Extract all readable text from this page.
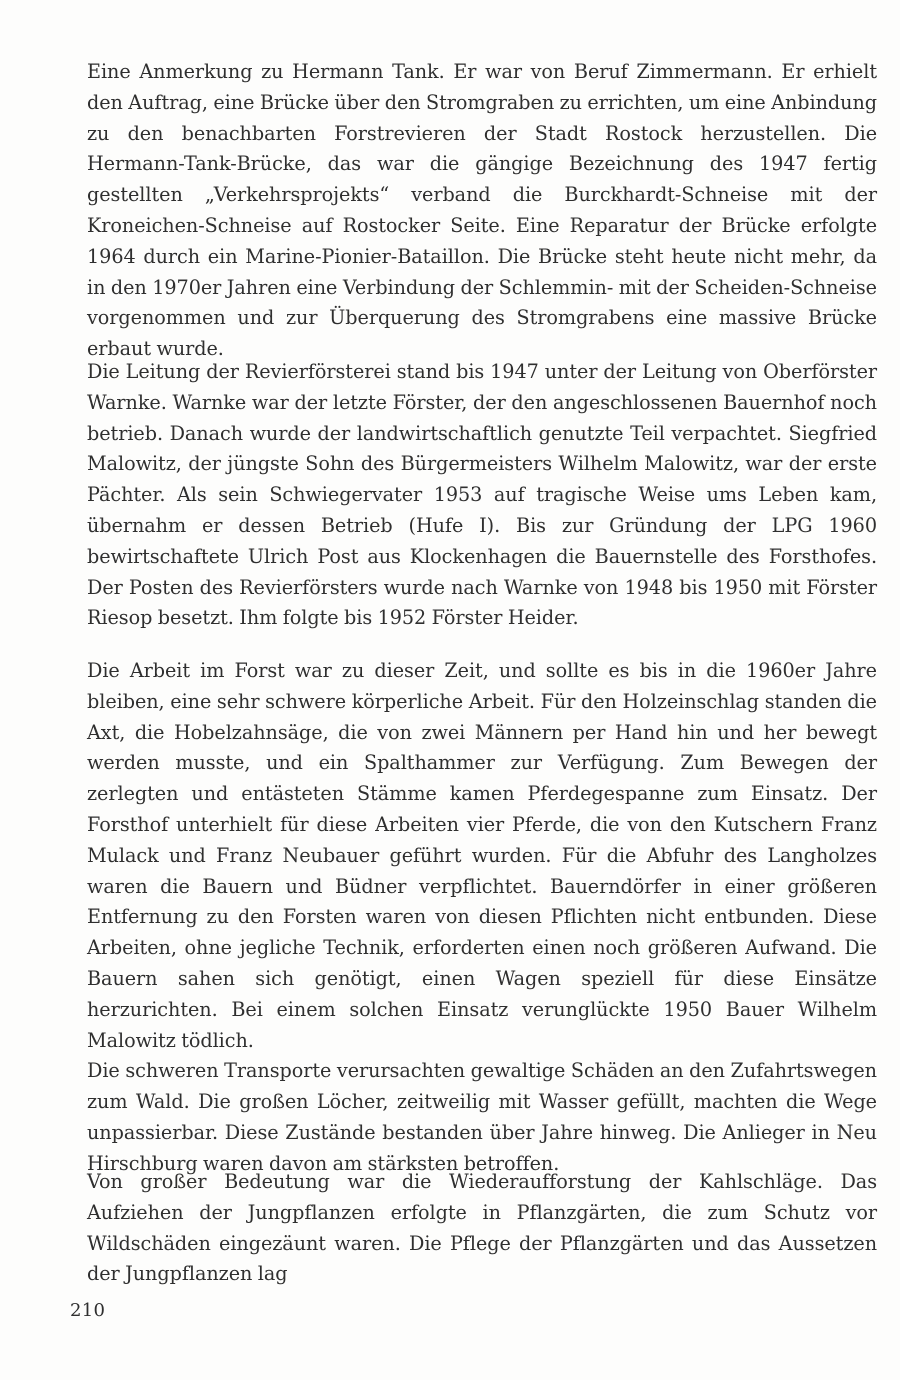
Eine Anmerkung zu Hermann Tank. Er war von Beruf Zimmermann. Er erhielt den Auftrag, eine Brücke über den Stromgraben zu errichten, um eine Anbindung zu den benachbarten Forstrevieren der Stadt Rostock herzustellen. Die Hermann-Tank-Brücke, das war die gängige Bezeichnung des 1947 fertig gestellten „Verkehrsprojekts“ verband die Burckhardt-Schneise mit der Kroneichen-Schneise auf Rostocker Seite. Eine Reparatur der Brücke erfolgte 1964 durch ein Marine-Pionier-Bataillon. Die Brücke steht heute nicht mehr, da in den 1970er Jahren eine Verbindung der Schlemmin- mit der Scheiden-Schneise vorgenommen und zur Überquerung des Stromgrabens eine massive Brücke erbaut wurde.

Die Leitung der Revierförsterei stand bis 1947 unter der Leitung von Oberförster Warnke. Warnke war der letzte Förster, der den angeschlossenen Bauernhof noch betrieb. Danach wurde der landwirtschaftlich genutzte Teil verpachtet. Siegfried Malowitz, der jüngste Sohn des Bürgermeisters Wilhelm Malowitz, war der erste Pächter. Als sein Schwiegervater 1953 auf tragische Weise ums Leben kam, übernahm er dessen Betrieb (Hufe I). Bis zur Gründung der LPG 1960 bewirtschaftete Ulrich Post aus Klockenhagen die Bauernstelle des Forsthofes. Der Posten des Revierförsters wurde nach Warnke von 1948 bis 1950 mit Förster Riesop besetzt. Ihm folgte bis 1952 Förster Heider.

Die Arbeit im Forst war zu dieser Zeit, und sollte es bis in die 1960er Jahre bleiben, eine sehr schwere körperliche Arbeit. Für den Holzeinschlag standen die Axt, die Hobelzahnsäge, die von zwei Männern per Hand hin und her bewegt werden musste, und ein Spalthammer zur Verfügung. Zum Bewegen der zerlegten und entästeten Stämme kamen Pferdegespanne zum Einsatz. Der Forsthof unterhielt für diese Arbeiten vier Pferde, die von den Kutschern Franz Mulack und Franz Neubauer geführt wurden. Für die Abfuhr des Langholzes waren die Bauern und Büdner verpflichtet. Bauerndörfer in einer größeren Entfernung zu den Forsten waren von diesen Pflichten nicht entbunden. Diese Arbeiten, ohne jegliche Technik, erforderten einen noch größeren Aufwand. Die Bauern sahen sich genötigt, einen Wagen speziell für diese Einsätze herzurichten. Bei einem solchen Einsatz verunglückte 1950 Bauer Wilhelm Malowitz tödlich.

Die schweren Transporte verursachten gewaltige Schäden an den Zufahrtswegen zum Wald. Die großen Löcher, zeitweilig mit Wasser gefüllt, machten die Wege unpassierbar. Diese Zustände bestanden über Jahre hinweg. Die Anlieger in Neu Hirschburg waren davon am stärksten betroffen.

Von großer Bedeutung war die Wiederaufforstung der Kahlschläge. Das Aufziehen der Jungpflanzen erfolgte in Pflanzgärten, die zum Schutz vor Wildschäden eingezäunt waren. Die Pflege der Pflanzgärten und das Aussetzen der Jungpflanzen lag

210
